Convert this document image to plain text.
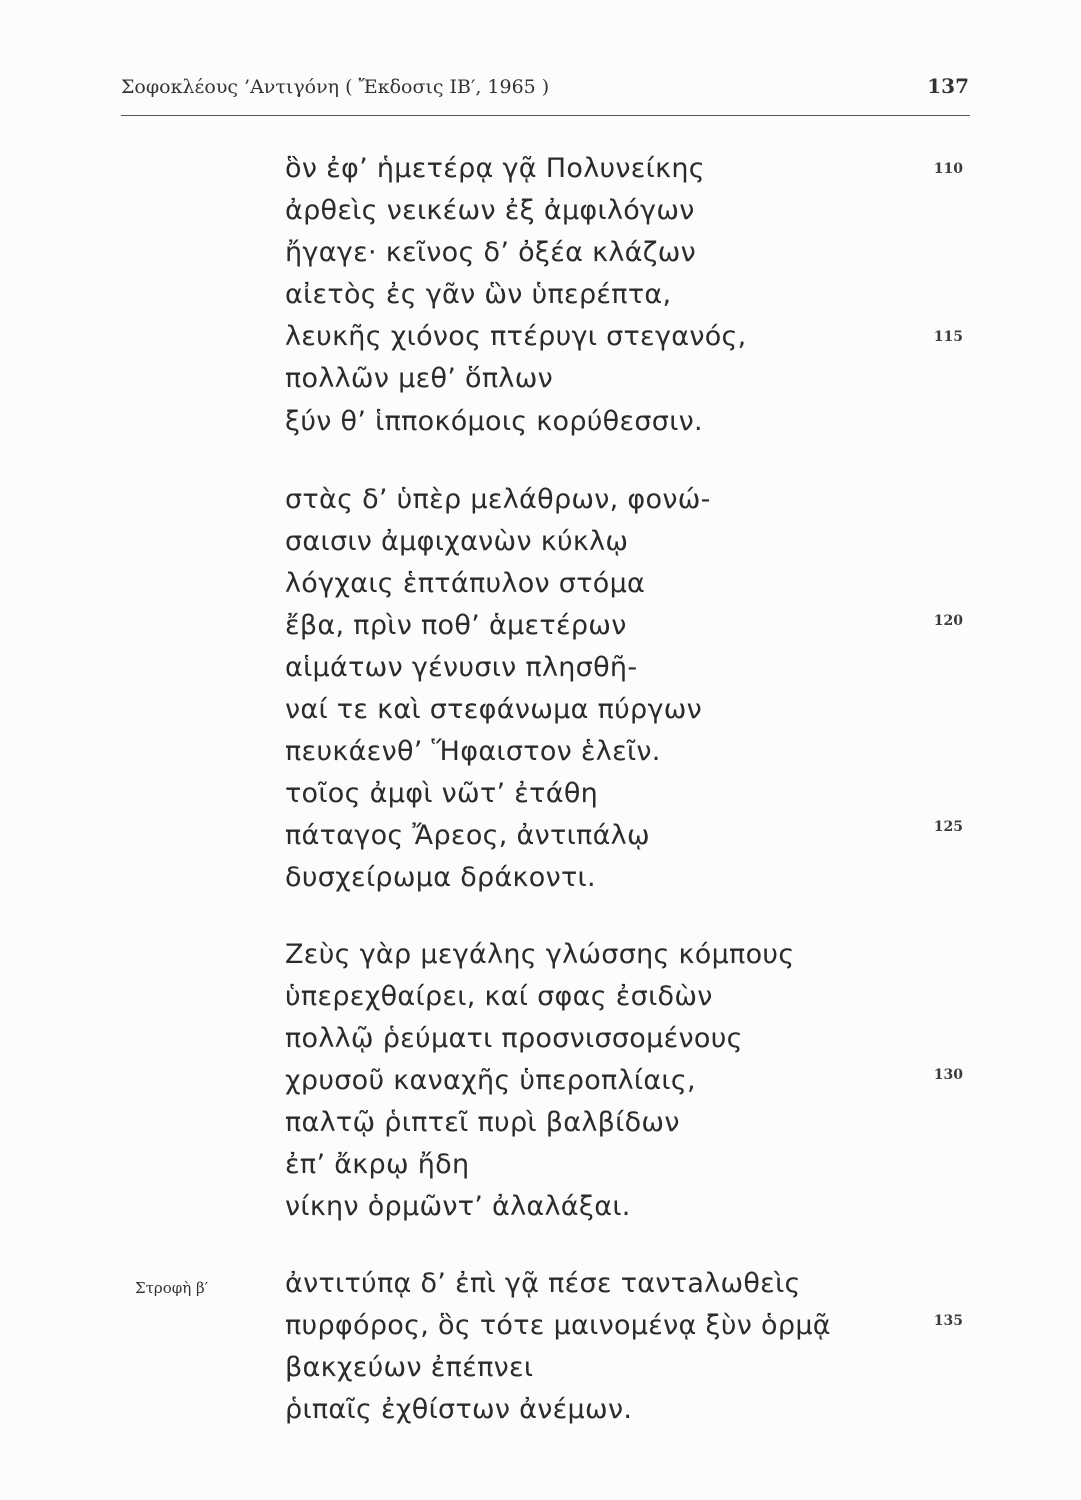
Σοφοκλέους ’Αντιγόνη ( Ἔκδοσις ΙΒ′, 1965 )	137
ὃν ἐφ’ ἡμετέρᾳ γᾷ Πολυνείκης
ἀρθεὶς νεικέων ἐξ ἀμφιλόγων
ἤγαγε· κεῖνος δ’ ὀξέα κλάζων
αἰετὸς ἐς γᾶν ὣν ὑπερέπτα,
λευκῆς χιόνος πτέρυγι στεγανός,
πολλῶν μεθ’ ὅπλων
ξύν θ’ ἱπποκόμοις κορύθεσσιν.
στὰς δ’ ὑπὲρ μελάθρων, φονώ-
σαισιν ἀμφιχανὼν κύκλῳ
λόγχαις ἑπτάπυλον στόμα
ἔβα, πρὶν ποθ’ ἁμετέρων
αἱμάτων γένυσιν πλησθῆ-
ναί τε καὶ στεφάνωμα πύργων
πευκάενθ’ Ἥφαιστον ἑλεῖν.
τοῖος ἀμφὶ νῶτ’ ἐτάθη
πάταγος Ἄρεος, ἀντιπάλῳ
δυσχείρωμα δράκοντι.
Ζεὺς γὰρ μεγάλης γλώσσης κόμπους
ὑπερεχθαίρει, καί σφας ἐσιδὼν
πολλῷ ῥεύματι προσνισσομένους
χρυσοῦ καναχῆς ὑπεροπλίαις,
παλτῷ ῥιπτεῖ πυρὶ βαλβίδων
ἐπ’ ἄκρῳ ἤδη
νίκην ὁρμῶντ’ ἀλαλάξαι.
Στροφὴ β′	ἀντιτύπᾳ δ’ ἐπὶ γᾷ πέσε ταντaλωθεὶς
πυρφόρος, ὃς τότε μαινομένᾳ ξὺν ὁρμᾷ
βακχεύων ἐπέπνει
ῥιπαῖς ἐχθίστων ἀνέμων.
110
115
120
125
130
135
